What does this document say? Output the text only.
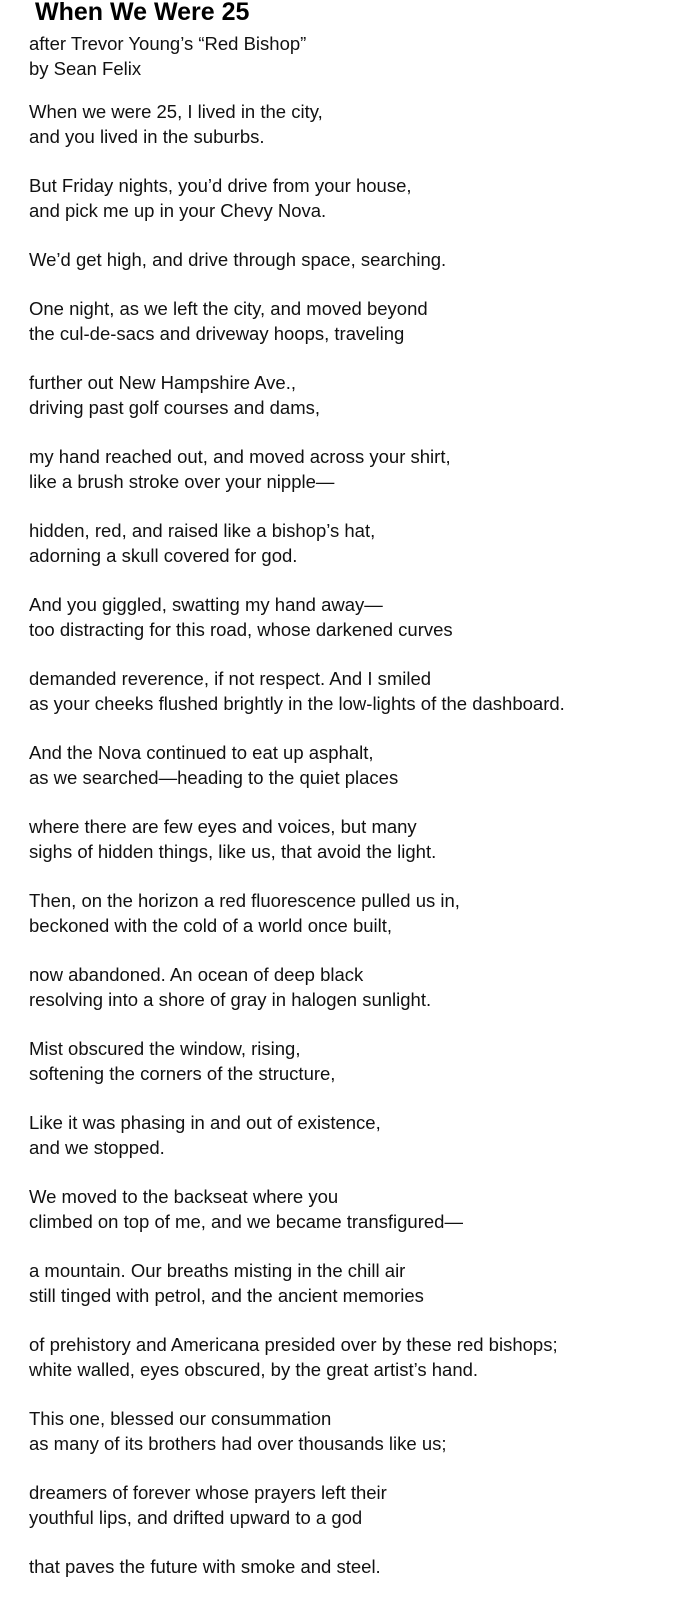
When We Were 25
after Trevor Young’s “Red Bishop”
by Sean Felix
When we were 25, I lived in the city,
and you lived in the suburbs.
But Friday nights, you’d drive from your house,
and pick me up in your Chevy Nova.
We’d get high, and drive through space, searching.
One night, as we left the city, and moved beyond
the cul-de-sacs and driveway hoops, traveling
further out New Hampshire Ave.,
driving past golf courses and dams,
my hand reached out, and moved across your shirt,
like a brush stroke over your nipple—
hidden, red, and raised like a bishop’s hat,
adorning a skull covered for god.
And you giggled, swatting my hand away—
too distracting for this road, whose darkened curves
demanded reverence, if not respect. And I smiled
as your cheeks flushed brightly in the low-lights of the dashboard.
And the Nova continued to eat up asphalt,
as we searched—heading to the quiet places
where there are few eyes and voices, but many
sighs of hidden things, like us, that avoid the light.
Then, on the horizon a red fluorescence pulled us in,
beckoned with the cold of a world once built,
now abandoned. An ocean of deep black
resolving into a shore of gray in halogen sunlight.
Mist obscured the window, rising,
softening the corners of the structure,
Like it was phasing in and out of existence,
and we stopped.
We moved to the backseat where you
climbed on top of me, and we became transfigured—
a mountain. Our breaths misting in the chill air
still tinged with petrol, and the ancient memories
of prehistory and Americana presided over by these red bishops;
white walled, eyes obscured, by the great artist’s hand.
This one, blessed our consummation
as many of its brothers had over thousands like us;
dreamers of forever whose prayers left their
youthful lips, and drifted upward to a god
that paves the future with smoke and steel.
